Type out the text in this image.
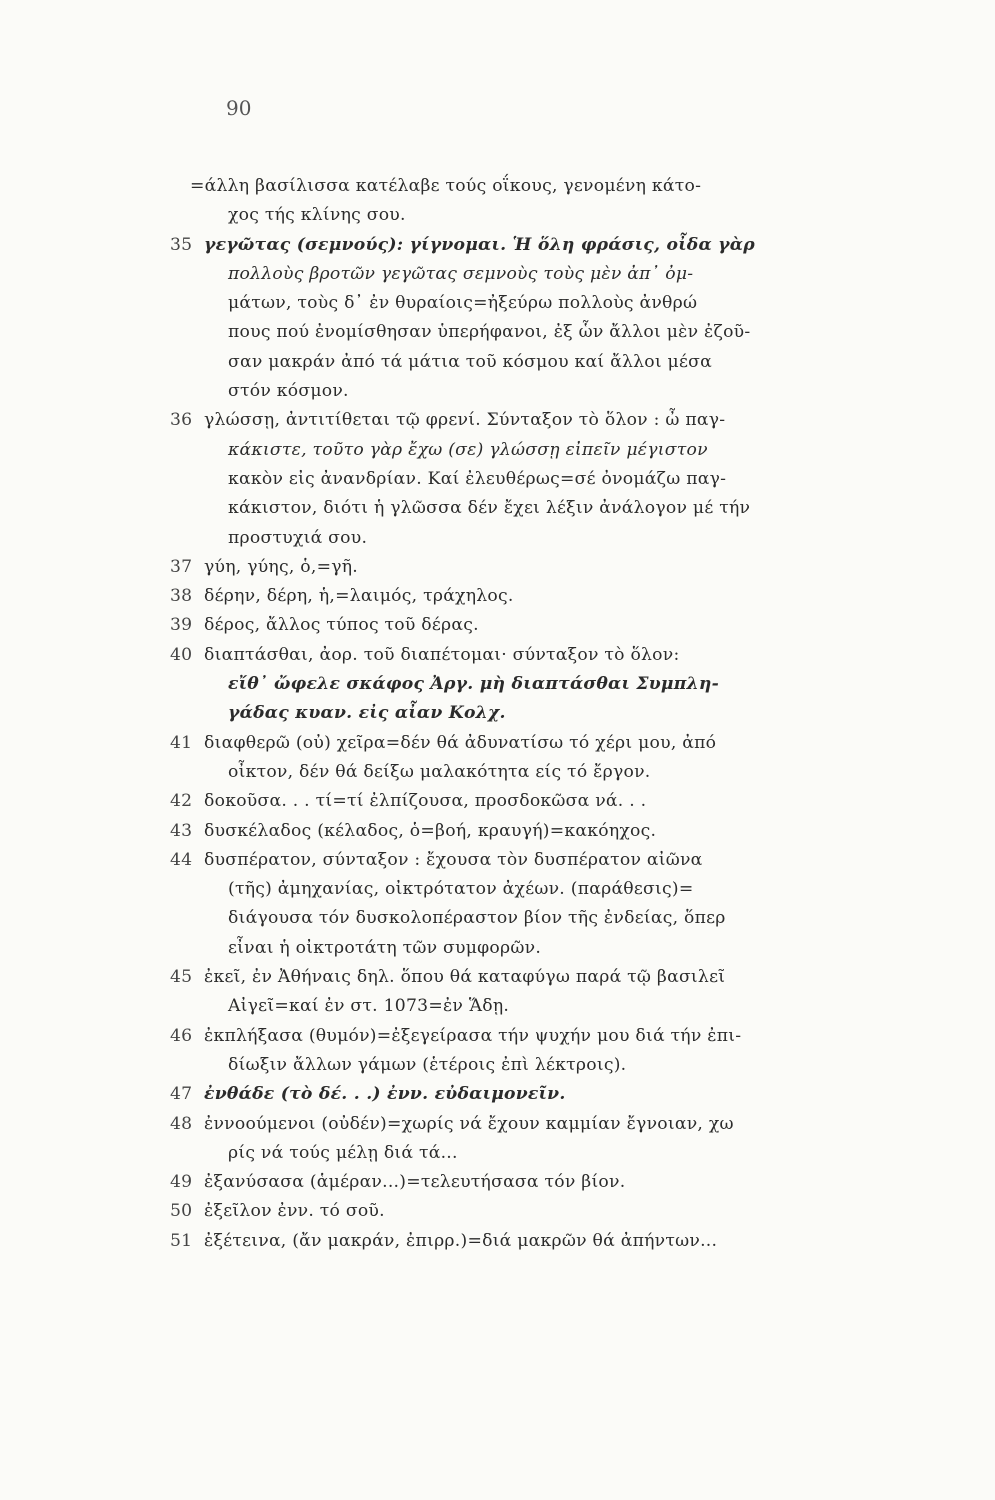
90
=άλλη βασίλισσα κατέλαβε τούς οΐκους, γενομένη κάτο-
χος τής κλίνης σου.
35 γεγῶτας (σεμνούς): γίγνομαι. Ἡ ὅλη φράσις, οἶδα γὰρ
πολλοὺς βροτῶν γεγῶτας σεμνοὺς τοὺς μὲν ἀπ᾽ ὀμ-
μάτων, τοὺς δ᾽ ἐν θυραίοις=ἠξεύρω πολλοὺς ἀνθρώ
πους πού ἐνομίσθησαν ὑπερήφανοι, ἐξ ὧν ἄλλοι μὲν ἐζοῦ-
σαν μακράν ἀπό τά μάτια τοῦ κόσμου καί ἄλλοι μέσα
στόν κόσμον.
36 γλώσσῃ, ἀντιτίθεται τῷ φρενί. Σύνταξον τὸ ὅλον : ὦ παγ-
κάκιστε, τοῦτο γὰρ ἔχω (σε) γλώσσῃ εἰπεῖν μέγιστον
κακὸν εἰς ἀνανδρίαν. Καί ἐλευθέρως=σέ ὀνομάζω παγ-
κάκιστον, διότι ἡ γλῶσσα δέν ἔχει λέξιν ἀνάλογον μέ τήν
προστυχιά σου.
37 γύη, γύης, ὁ,=γῆ.
38 δέρην, δέρη, ἡ,=λαιμός, τράχηλος.
39 δέρος, ἄλλος τύπος τοῦ δέρας.
40 διαπτάσθαι, ἀορ. τοῦ διαπέτομαι· σύνταξον τὸ ὅλον:
εἴθ᾽ ὤφελε σκάφος Ἀργ. μὴ διαπτάσθαι Συμπλη-
γάδας κυαν. εἰς αἶαν Κολχ.
41 διαφθερῶ (οὐ) χεῖρα=δέν θά ἀδυνατίσω τό χέρι μου, ἀπό
οἶκτον, δέν θά δείξω μαλακότητα είς τό ἔργον.
42 δοκοῦσα. . . τί=τί ἐλπίζουσα, προσδοκῶσα νά. . .
43 δυσκέλαδος (κέλαδος, ὁ=βοή, κραυγή)=κακόηχος.
44 δυσπέρατον, σύνταξον : ἔχουσα τὸν δυσπέρατον αἰῶνα
(τῆς) ἀμηχανίας, οἰκτρότατον ἀχέων. (παράθεσις)=
διάγουσα τόν δυσκολοπέραστον βίον τῆς ἐνδείας, ὅπερ
εἶναι ἡ οἰκτροτάτη τῶν συμφορῶν.
45 ἐκεῖ, ἐν Ἀθήναις δηλ. ὅπου θά καταφύγω παρά τῷ βασιλεῖ
Αἰγεῖ=καί ἐν στ. 1073=ἐν Ἅδῃ.
46 ἐκπλήξασα (θυμόν)=ἐξεγείρασα τήν ψυχήν μου διά τήν ἐπι-
δίωξιν ἄλλων γάμων (ἑτέροις ἐπὶ λέκτροις).
47 ἐνθάδε (τὸ δέ. . .) ἐνν. εὐδαιμονεῖν.
48 ἐννοούμενοι (οὐδέν)=χωρίς νά ἔχουν καμμίαν ἔγνοιαν, χω
ρίς νά τούς μέλῃ διά τά...
49 ἐξανύσασα (ἁμέραν...)=τελευτήσασα τόν βίον.
50 ἐξεῖλον ἐνν. τό σοῦ.
51 ἐξέτεινα, (ἄν μακράν, ἐπιρρ.)=διά μακρῶν θά ἀπήντων...
